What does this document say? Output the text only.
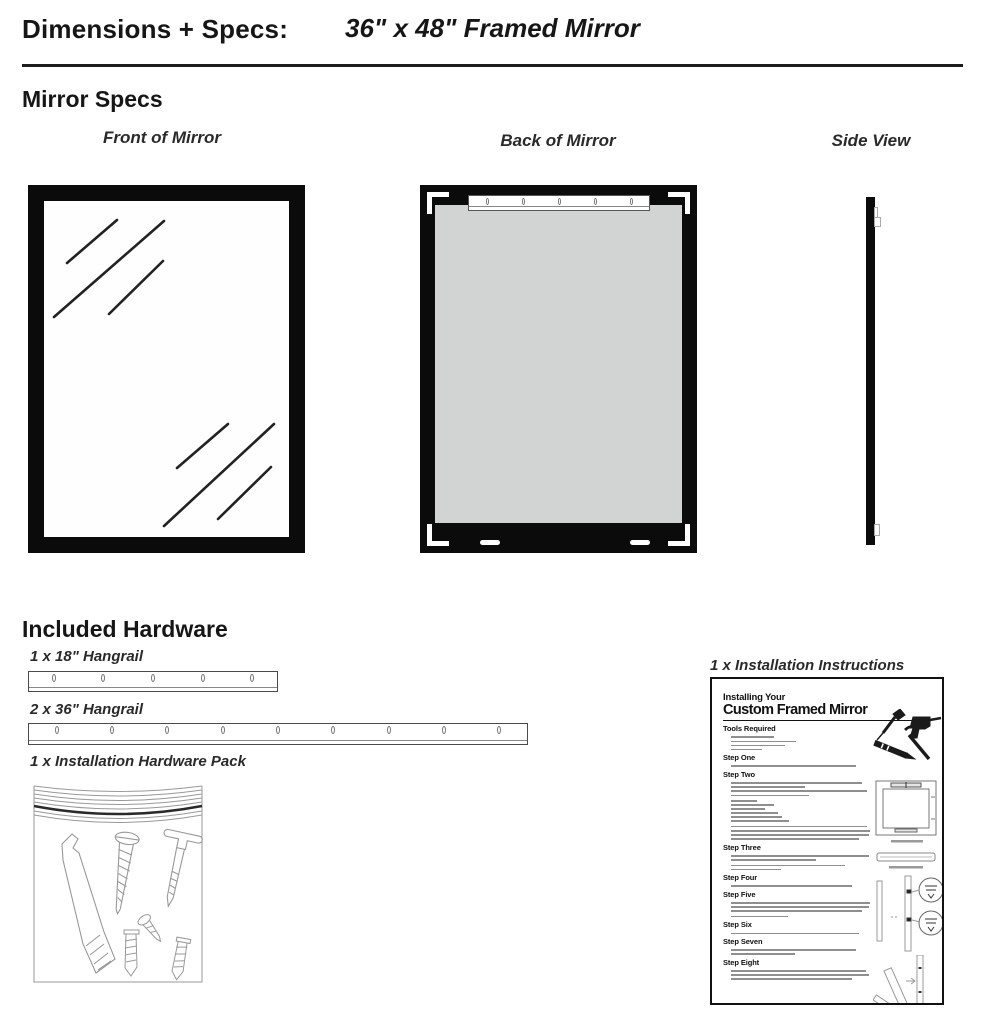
Dimensions + Specs: 36" x 48" Framed Mirror
Mirror Specs
Front of Mirror	Back of Mirror	Side View
Included Hardware
1 x 18" Hangrail
2 x 36" Hangrail
1 x Installation Hardware Pack
1 x Installation Instructions
Installing Your
Custom Framed Mirror
Tools Required
Step One
Step Two
Step Three
Step Four
Step Five
Step Six
Step Seven
Step Eight
